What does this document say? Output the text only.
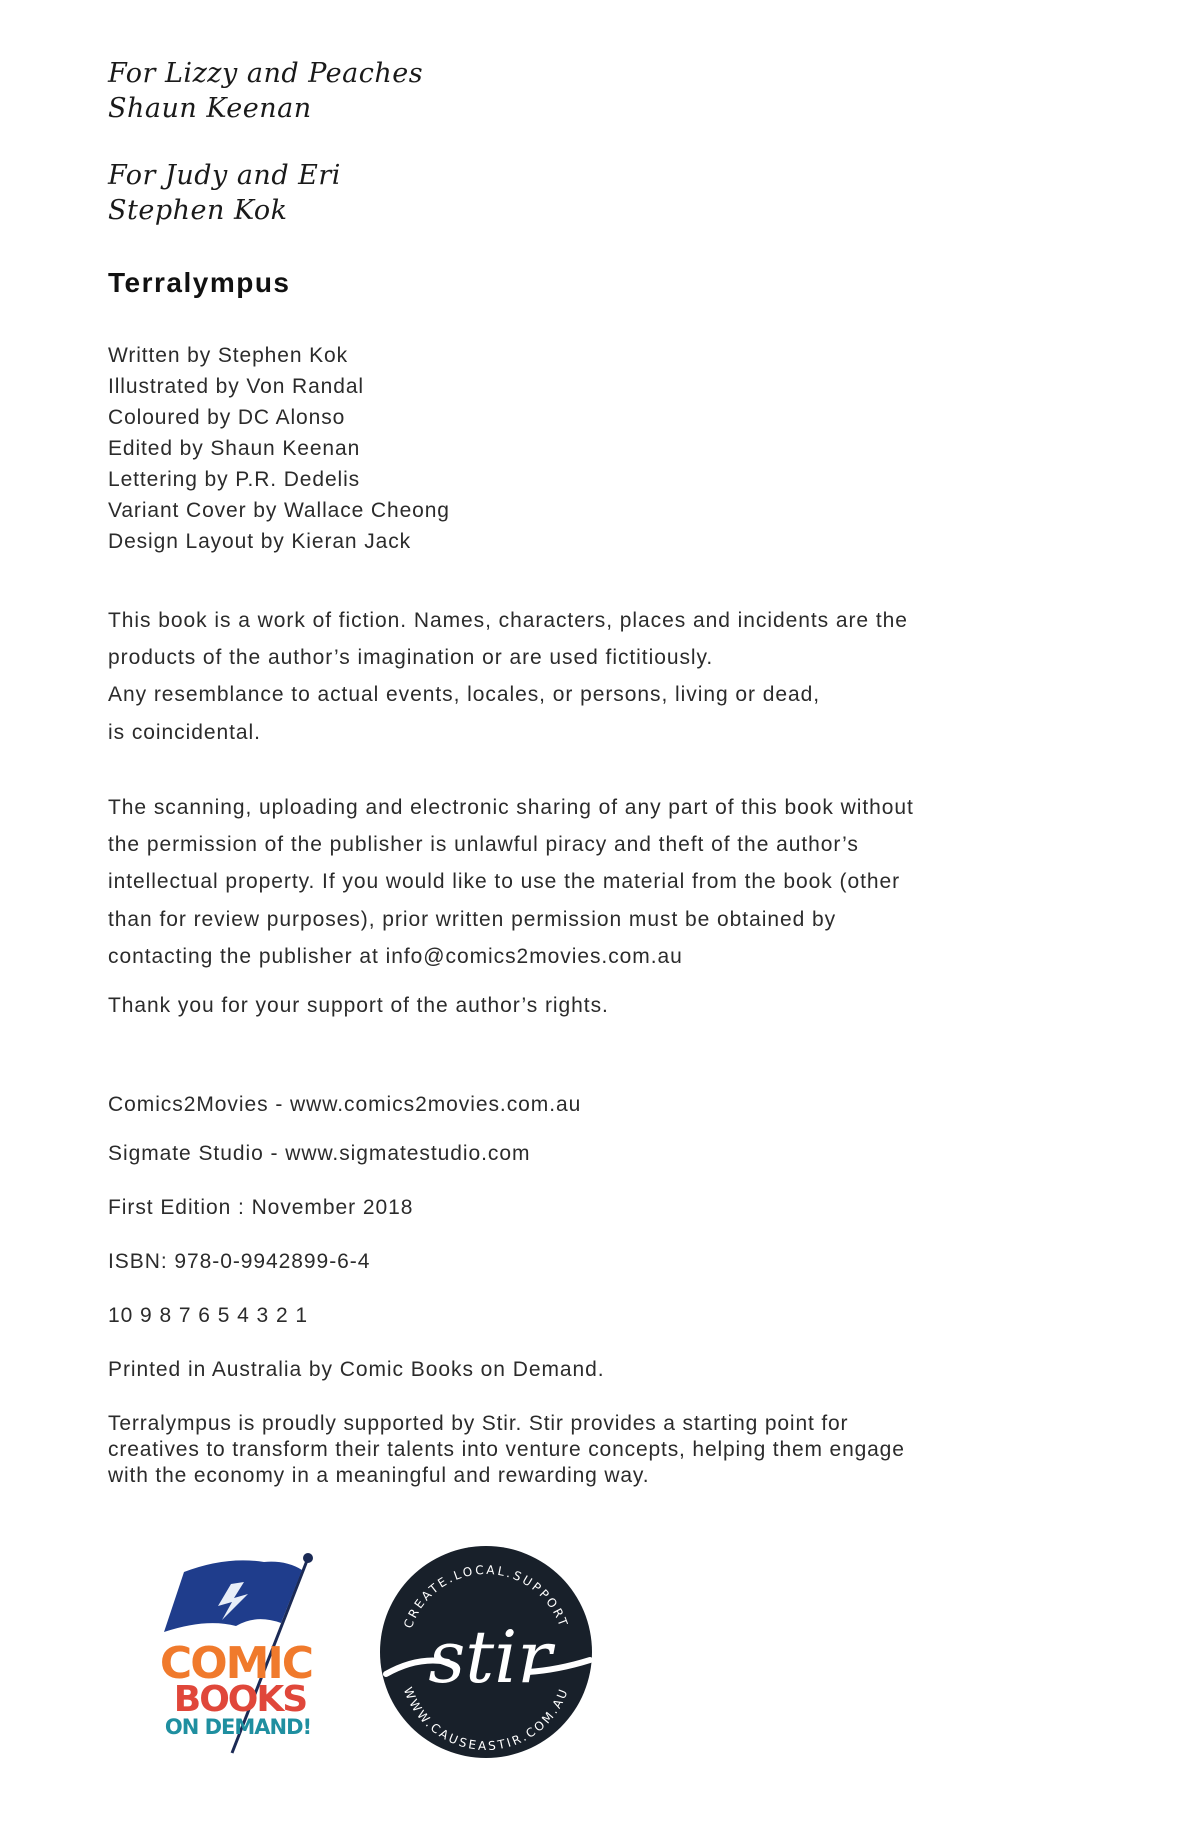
For Lizzy and Peaches
Shaun Keenan
For Judy and Eri
Stephen Kok
Terralympus
Written by Stephen Kok
Illustrated by Von Randal
Coloured by DC Alonso
Edited by Shaun Keenan
Lettering by P.R. Dedelis
Variant Cover by Wallace Cheong
Design Layout by Kieran Jack
This book is a work of fiction. Names, characters, places and incidents are the
products of the author’s imagination or are used fictitiously.
Any resemblance to actual events, locales, or persons, living or dead,
is coincidental.
The scanning, uploading and electronic sharing of any part of this book without
the permission of the publisher is unlawful piracy and theft of the author’s
intellectual property. If you would like to use the material from the book (other
than for review purposes), prior written permission must be obtained by
contacting the publisher at info@comics2movies.com.au
Thank you for your support of the author’s rights.
Comics2Movies - www.comics2movies.com.au
Sigmate Studio - www.sigmatestudio.com
First Edition : November 2018
ISBN: 978-0-9942899-6-4
10 9 8 7 6 5 4 3 2 1
Printed in Australia by Comic Books on Demand.
Terralympus is proudly supported by Stir. Stir provides a starting point for
creatives to transform their talents into venture concepts, helping them engage
with the economy in a meaningful and rewarding way.
COMIC
BOOKS
ON DEMAND!
CREATE.LOCAL.SUPPORT
WWW.CAUSEASTIR.COM.AU
stir
